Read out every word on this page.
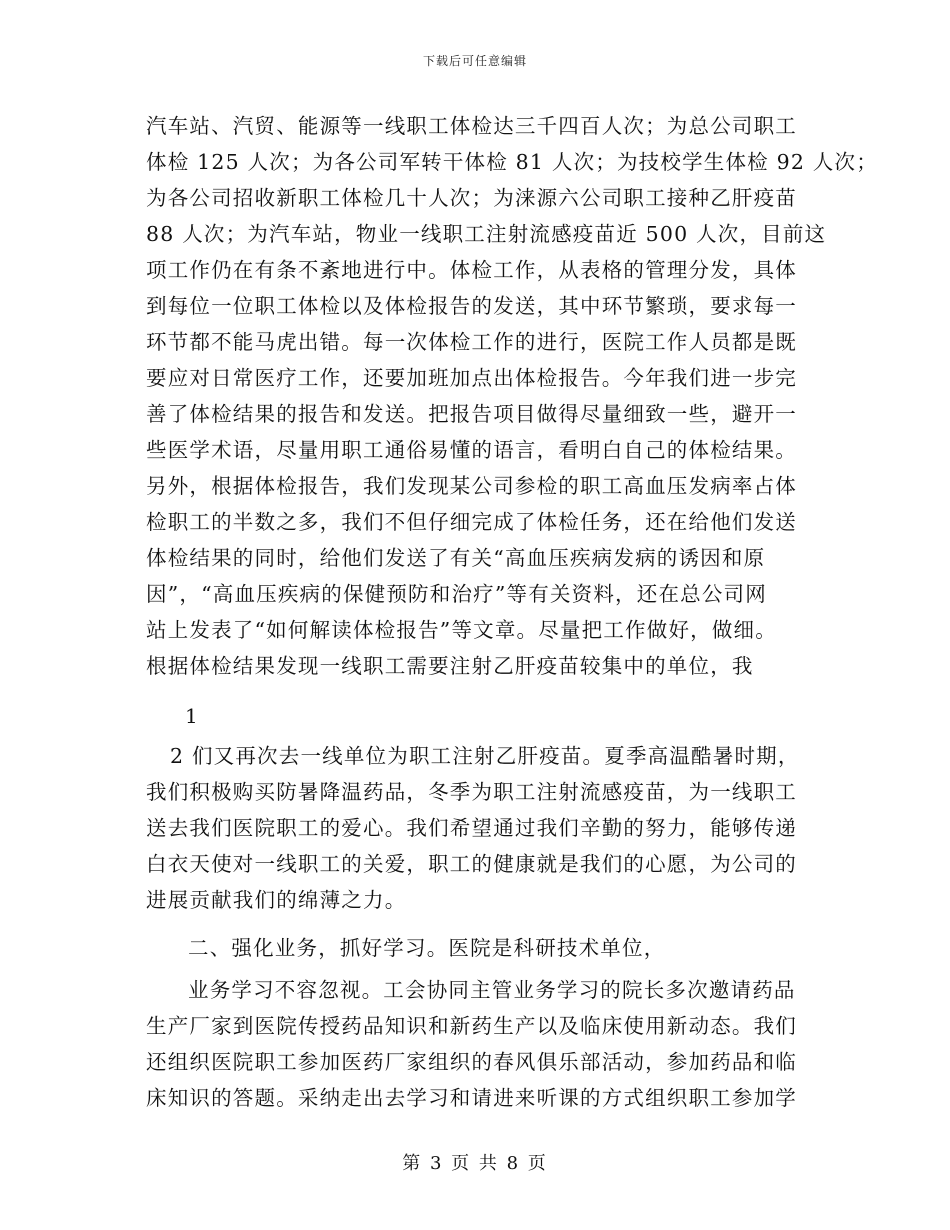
下载后可任意编辑
汽车站、汽贸、能源等一线职工体检达三千四百人次；为总公司职工
体检 125 人次；为各公司军转干体检 81 人次；为技校学生体检 92 人次；
为各公司招收新职工体检几十人次；为涞源六公司职工接种乙肝疫苗
88 人次；为汽车站，物业一线职工注射流感疫苗近 500 人次，目前这
项工作仍在有条不紊地进行中。体检工作，从表格的管理分发，具体
到每位一位职工体检以及体检报告的发送，其中环节繁琐，要求每一
环节都不能马虎出错。每一次体检工作的进行，医院工作人员都是既
要应对日常医疗工作，还要加班加点出体检报告。今年我们进一步完
善了体检结果的报告和发送。把报告项目做得尽量细致一些，避开一
些医学术语，尽量用职工通俗易懂的语言，看明白自己的体检结果。
另外，根据体检报告，我们发现某公司参检的职工高血压发病率占体
检职工的半数之多，我们不但仔细完成了体检任务，还在给他们发送
体检结果的同时，给他们发送了有关“高血压疾病发病的诱因和原
因”，“高血压疾病的保健预防和治疗”等有关资料，还在总公司网
站上发表了“如何解读体检报告”等文章。尽量把工作做好，做细。
根据体检结果发现一线职工需要注射乙肝疫苗较集中的单位，我
1
2 们又再次去一线单位为职工注射乙肝疫苗。夏季高温酷暑时期，
我们积极购买防暑降温药品，冬季为职工注射流感疫苗，为一线职工
送去我们医院职工的爱心。我们希望通过我们辛勤的努力，能够传递
白衣天使对一线职工的关爱，职工的健康就是我们的心愿，为公司的
进展贡献我们的绵薄之力。
二、强化业务，抓好学习。医院是科研技术单位，
业务学习不容忽视。工会协同主管业务学习的院长多次邀请药品
生产厂家到医院传授药品知识和新药生产以及临床使用新动态。我们
还组织医院职工参加医药厂家组织的春风俱乐部活动，参加药品和临
床知识的答题。采纳走出去学习和请进来听课的方式组织职工参加学
第 3 页 共 8 页
